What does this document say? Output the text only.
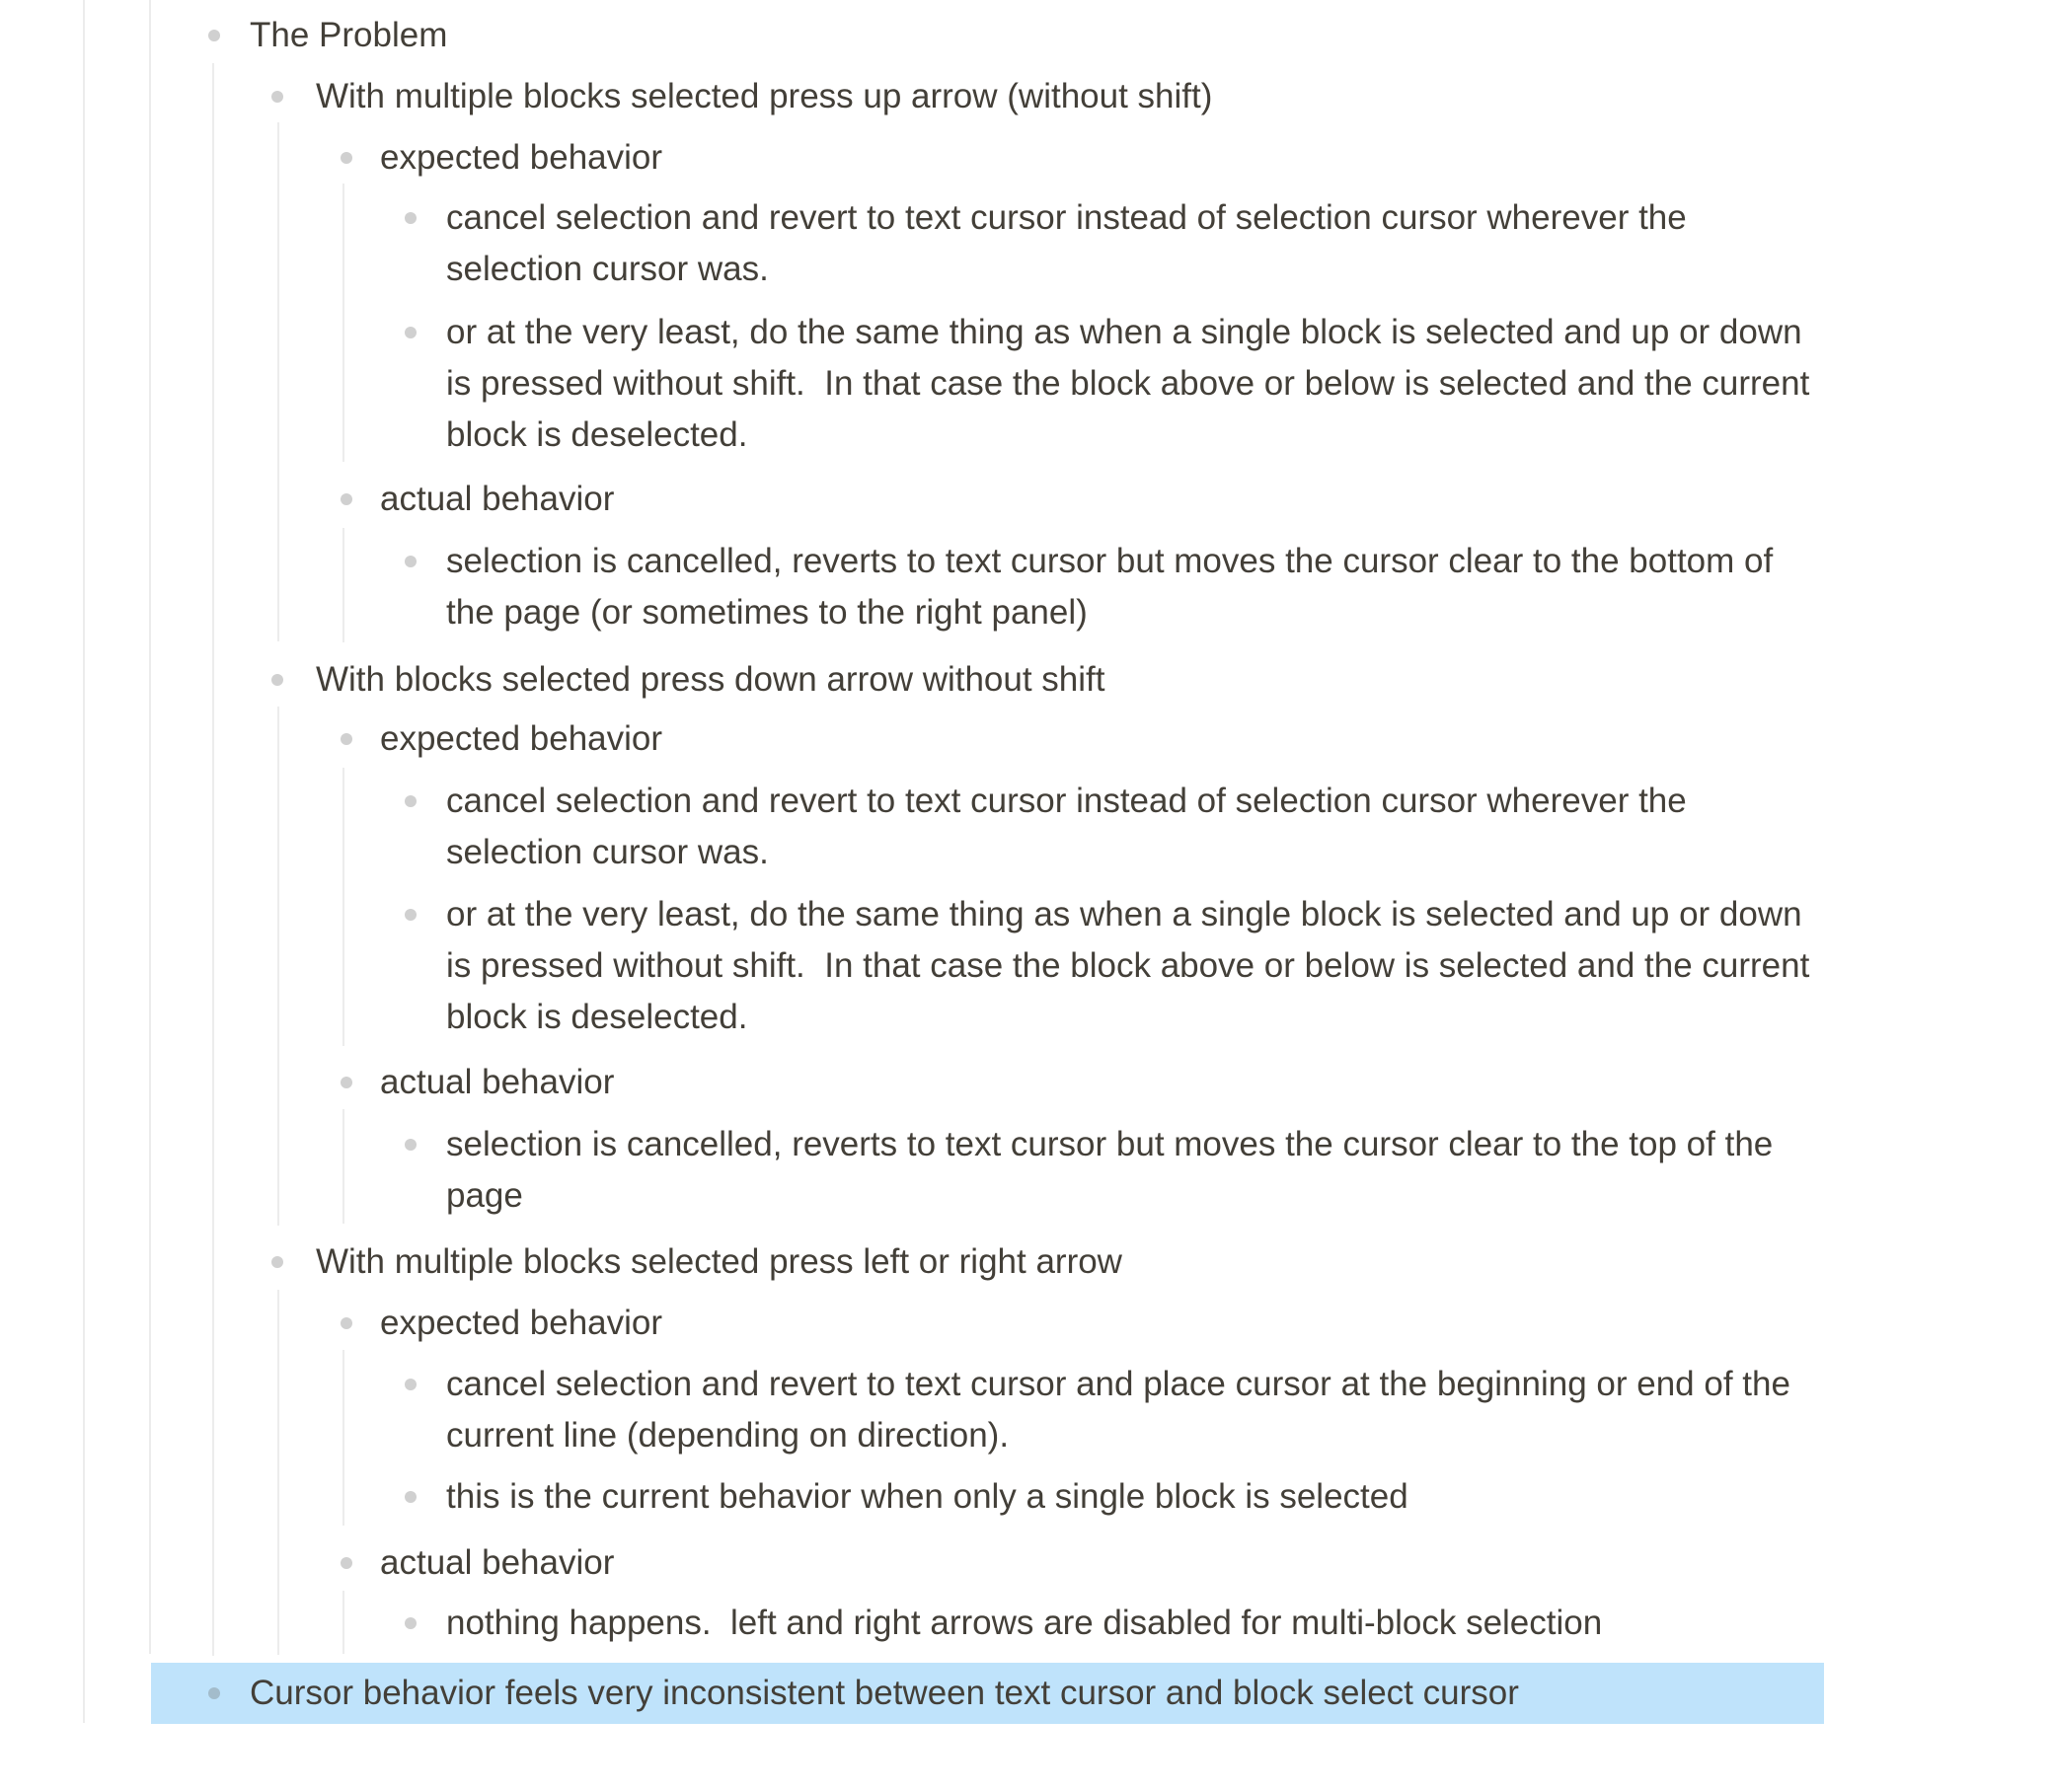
The Problem
With multiple blocks selected press up arrow (without shift)
expected behavior
cancel selection and revert to text cursor instead of selection cursor wherever the selection cursor was.
or at the very least, do the same thing as when a single block is selected and up or down is pressed without shift.  In that case the block above or below is selected and the current block is deselected.
actual behavior
selection is cancelled, reverts to text cursor but moves the cursor clear to the bottom of the page (or sometimes to the right panel)
With blocks selected press down arrow without shift
expected behavior
cancel selection and revert to text cursor instead of selection cursor wherever the selection cursor was.
or at the very least, do the same thing as when a single block is selected and up or down is pressed without shift.  In that case the block above or below is selected and the current block is deselected.
actual behavior
selection is cancelled, reverts to text cursor but moves the cursor clear to the top of the page
With multiple blocks selected press left or right arrow
expected behavior
cancel selection and revert to text cursor and place cursor at the beginning or end of the current line (depending on direction).
this is the current behavior when only a single block is selected
actual behavior
nothing happens.  left and right arrows are disabled for multi-block selection
Cursor behavior feels very inconsistent between text cursor and block select cursor
